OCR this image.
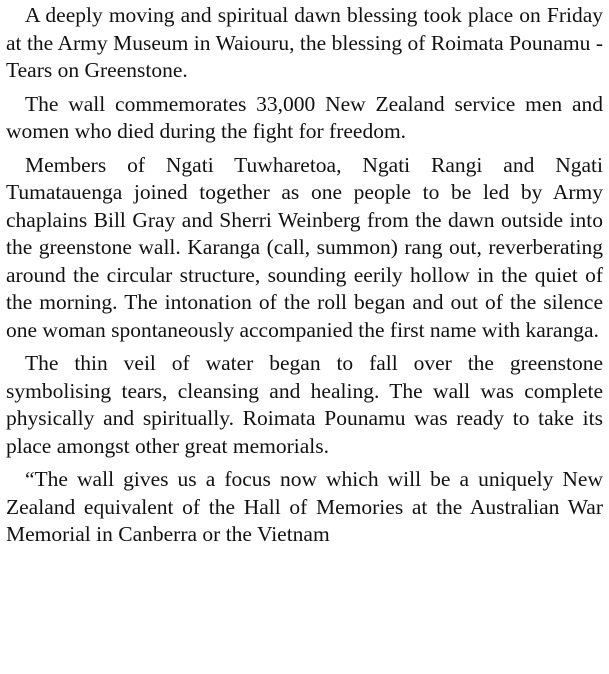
A deeply moving and spiritual dawn blessing took place on Friday at the Army Museum in Waiouru, the blessing of Roimata Pounamu - Tears on Greenstone.

The wall commemorates 33,000 New Zealand service men and women who died during the fight for freedom.

Members of Ngati Tuwharetoa, Ngati Rangi and Ngati Tumatauenga joined together as one people to be led by Army chaplains Bill Gray and Sherri Weinberg from the dawn outside into the greenstone wall. Karanga (call, summon) rang out, reverberating around the circular structure, sounding eerily hollow in the quiet of the morning. The intonation of the roll began and out of the silence one woman spontaneously accompanied the first name with karanga.

The thin veil of water began to fall over the greenstone symbolising tears, cleansing and healing. The wall was complete physically and spiritually. Roimata Pounamu was ready to take its place amongst other great memorials.

“The wall gives us a focus now which will be a uniquely New Zealand equivalent of the Hall of Memories at the Australian War Memorial in Canberra or the Vietnam
